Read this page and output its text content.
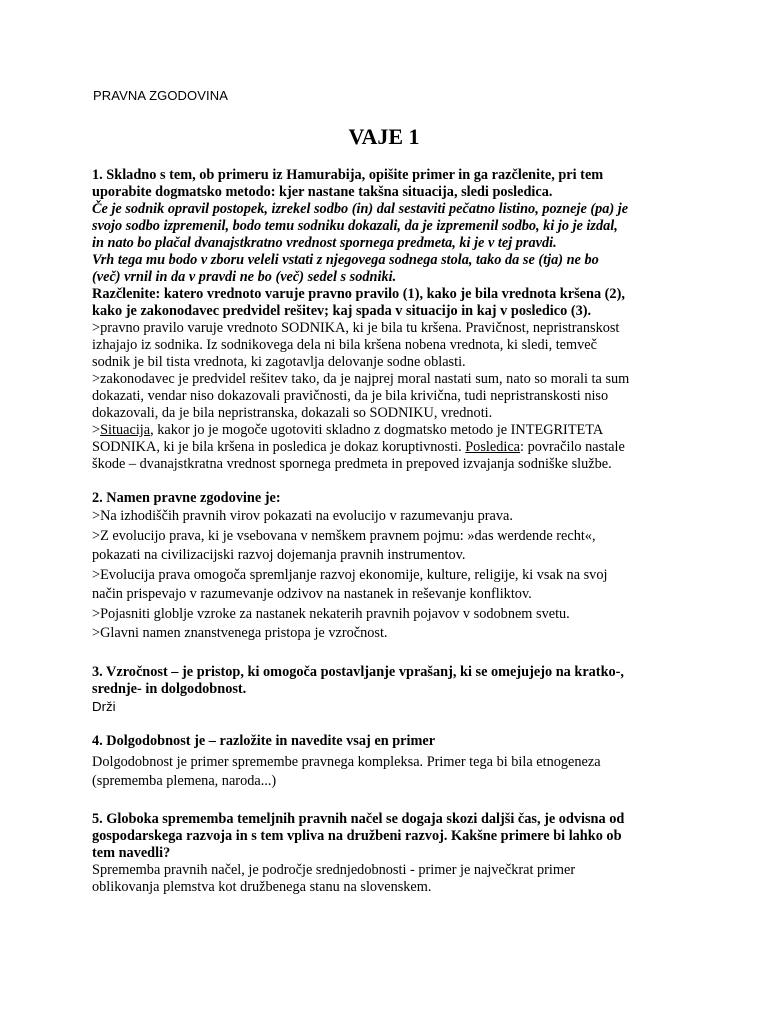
PRAVNA ZGODOVINA
VAJE 1

1. Skladno s tem, ob primeru iz Hamurabija, opišite primer in ga razčlenite, pri tem

uporabite dogmatsko metodo: kjer nastane takšna situacija, sledi posledica.

Če je sodnik opravil postopek, izrekel sodbo (in) dal sestaviti pečatno listino, pozneje (pa) je

svojo sodbo izpremenil, bodo temu sodniku dokazali, da je izpremenil sodbo, ki jo je izdal,

in nato bo plačal dvanajstkratno vrednost spornega predmeta, ki je v tej pravdi.

Vrh tega mu bodo v zboru veleli vstati z njegovega sodnega stola, tako da se (tja) ne bo

(več) vrnil in da v pravdi ne bo (več) sedel s sodniki.

Razčlenite: katero vrednoto varuje pravno pravilo (1), kako je bila vrednota kršena (2),

kako je zakonodavec predvidel rešitev; kaj spada v situacijo in kaj v posledico (3).

>pravno pravilo varuje vrednoto SODNIKA, ki je bila tu kršena. Pravičnost, nepristranskost

izhajajo iz sodnika. Iz sodnikovega dela ni bila kršena nobena vrednota, ki sledi, temveč

sodnik je bil tista vrednota, ki zagotavlja delovanje sodne oblasti.

>zakonodavec je predvidel rešitev tako, da je najprej moral nastati sum, nato so morali ta sum

dokazati, vendar niso dokazovali pravičnosti, da je bila krivična, tudi nepristranskosti niso

dokazovali, da je bila nepristranska, dokazali so SODNIKU, vrednoti.

>Situacija, kakor jo je mogoče ugotoviti skladno z dogmatsko metodo je INTEGRITETA

SODNIKA, ki je bila kršena in posledica je dokaz koruptivnosti. Posledica: povračilo nastale

škode – dvanajstkratna vrednost spornega predmeta in prepoved izvajanja sodniške službe.

2. Namen pravne zgodovine je:

>Na izhodiščih pravnih virov pokazati na evolucijo v razumevanju prava.

>Z evolucijo prava, ki je vsebovana v nemškem pravnem pojmu: »das werdende recht«,

pokazati na civilizacijski razvoj dojemanja pravnih instrumentov.

>Evolucija prava omogoča spremljanje razvoj ekonomije, kulture, religije, ki vsak na svoj

način prispevajo v razumevanje odzivov na nastanek in reševanje konfliktov.

>Pojasniti globlje vzroke za nastanek nekaterih pravnih pojavov v sodobnem svetu.

>Glavni namen znanstvenega pristopa je vzročnost.

3. Vzročnost – je pristop, ki omogoča postavljanje vprašanj, ki se omejujejo na kratko-,

srednje- in dolgodobnost.

Drži

4. Dolgodobnost je – razložite in navedite vsaj en primer

Dolgodobnost je primer spremembe pravnega kompleksa. Primer tega bi bila etnogeneza

(sprememba plemena, naroda...)

5. Globoka sprememba temeljnih pravnih načel se dogaja skozi daljši čas, je odvisna od

gospodarskega razvoja in s tem vpliva na družbeni razvoj. Kakšne primere bi lahko ob

tem navedli?

Sprememba pravnih načel, je področje srednjedobnosti - primer je največkrat primer

oblikovanja plemstva kot družbenega stanu na slovenskem.
